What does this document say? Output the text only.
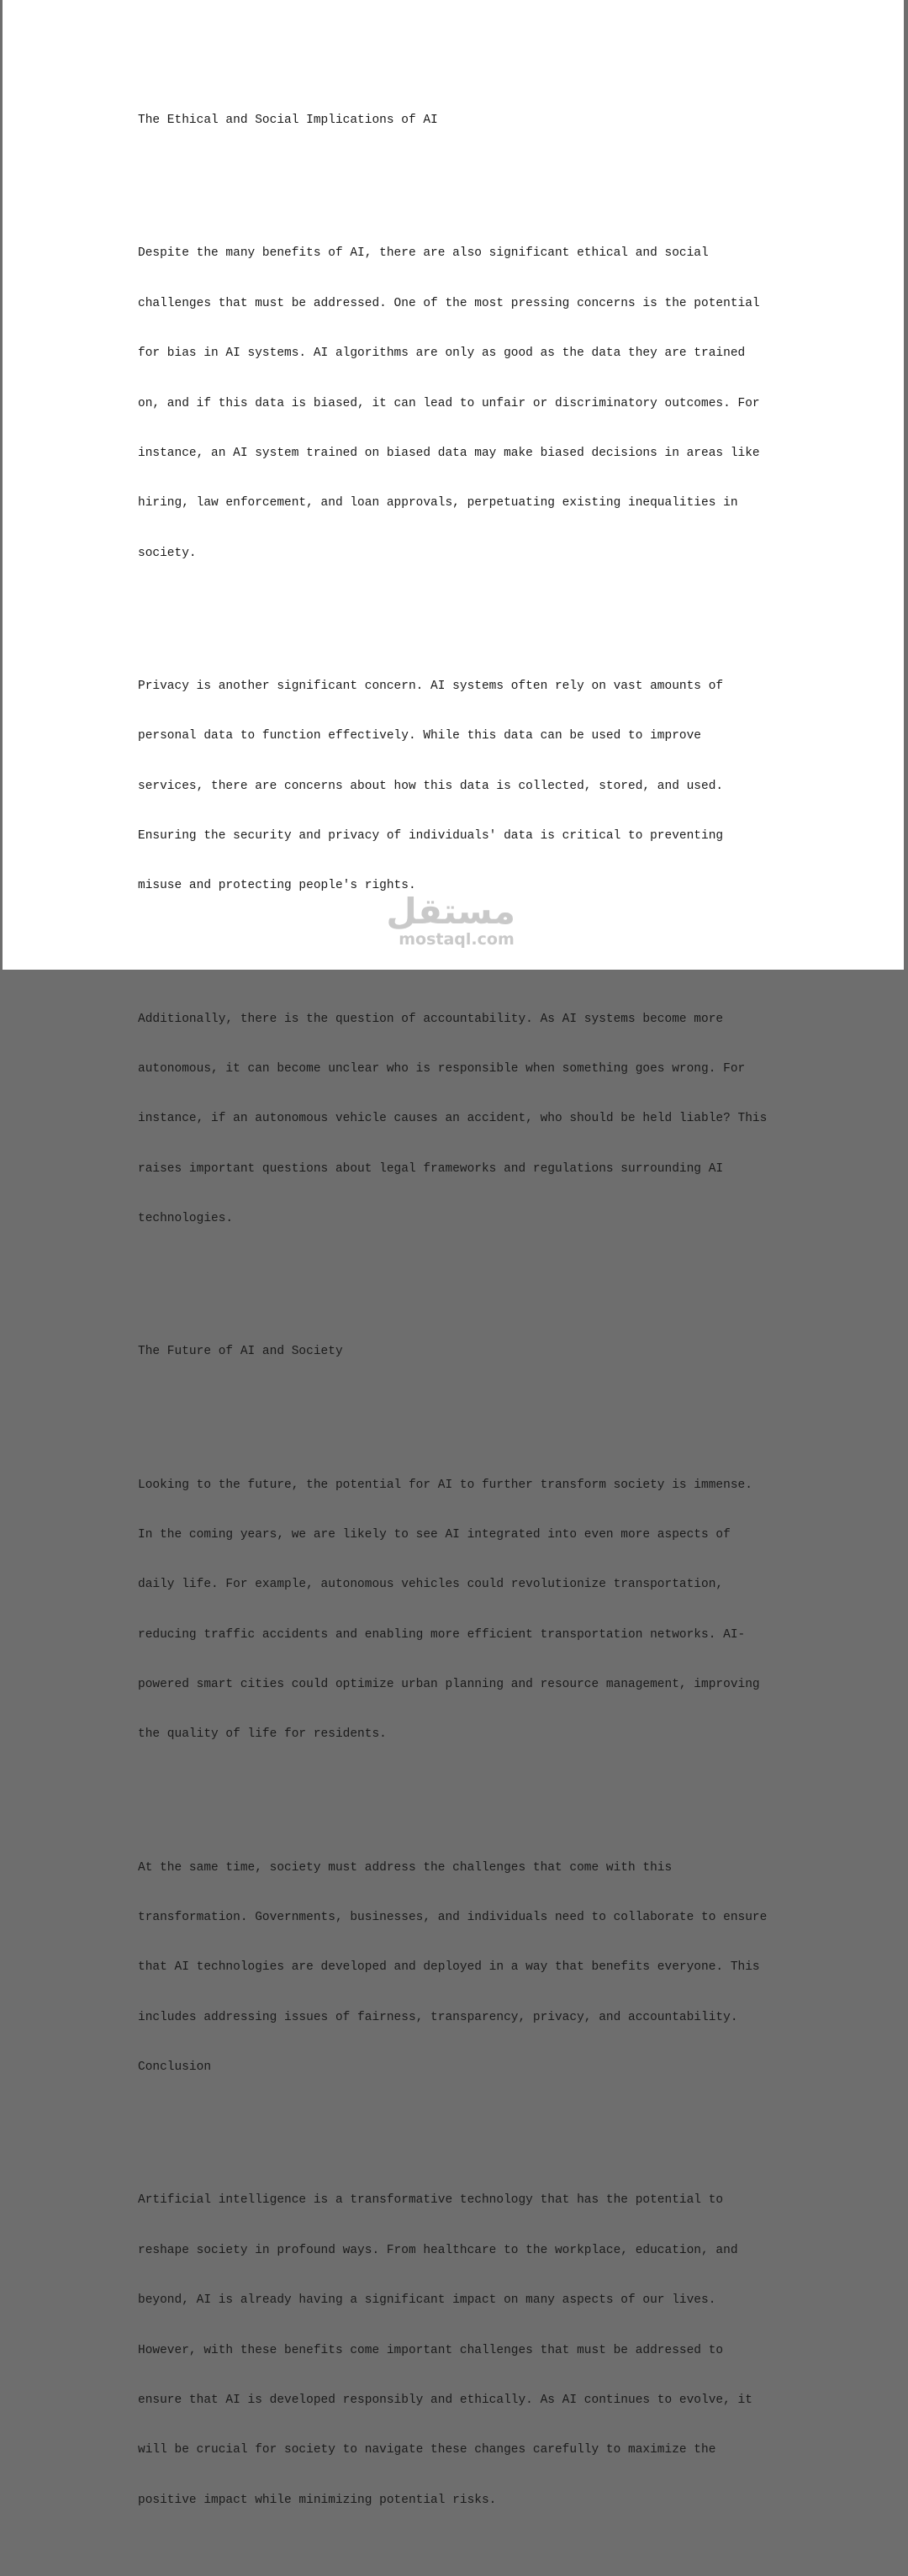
The Ethical and Social Implications of AI

Despite the many benefits of AI, there are also significant ethical and social

challenges that must be addressed. One of the most pressing concerns is the potential

for bias in AI systems. AI algorithms are only as good as the data they are trained

on, and if this data is biased, it can lead to unfair or discriminatory outcomes. For

instance, an AI system trained on biased data may make biased decisions in areas like

hiring, law enforcement, and loan approvals, perpetuating existing inequalities in

society.

Privacy is another significant concern. AI systems often rely on vast amounts of

personal data to function effectively. While this data can be used to improve

services, there are concerns about how this data is collected, stored, and used.

Ensuring the security and privacy of individuals' data is critical to preventing

misuse and protecting people's rights.

Additionally, there is the question of accountability. As AI systems become more

autonomous, it can become unclear who is responsible when something goes wrong. For

instance, if an autonomous vehicle causes an accident, who should be held liable? This

raises important questions about legal frameworks and regulations surrounding AI

technologies.

The Future of AI and Society

Looking to the future, the potential for AI to further transform society is immense.

In the coming years, we are likely to see AI integrated into even more aspects of

daily life. For example, autonomous vehicles could revolutionize transportation,

reducing traffic accidents and enabling more efficient transportation networks. AI-

powered smart cities could optimize urban planning and resource management, improving

the quality of life for residents.

At the same time, society must address the challenges that come with this

transformation. Governments, businesses, and individuals need to collaborate to ensure

that AI technologies are developed and deployed in a way that benefits everyone. This

includes addressing issues of fairness, transparency, privacy, and accountability.

Conclusion

Artificial intelligence is a transformative technology that has the potential to

reshape society in profound ways. From healthcare to the workplace, education, and

beyond, AI is already having a significant impact on many aspects of our lives.

However, with these benefits come important challenges that must be addressed to

ensure that AI is developed responsibly and ethically. As AI continues to evolve, it

will be crucial for society to navigate these changes carefully to maximize the

positive impact while minimizing potential risks.

مستقل
mostaql.com
